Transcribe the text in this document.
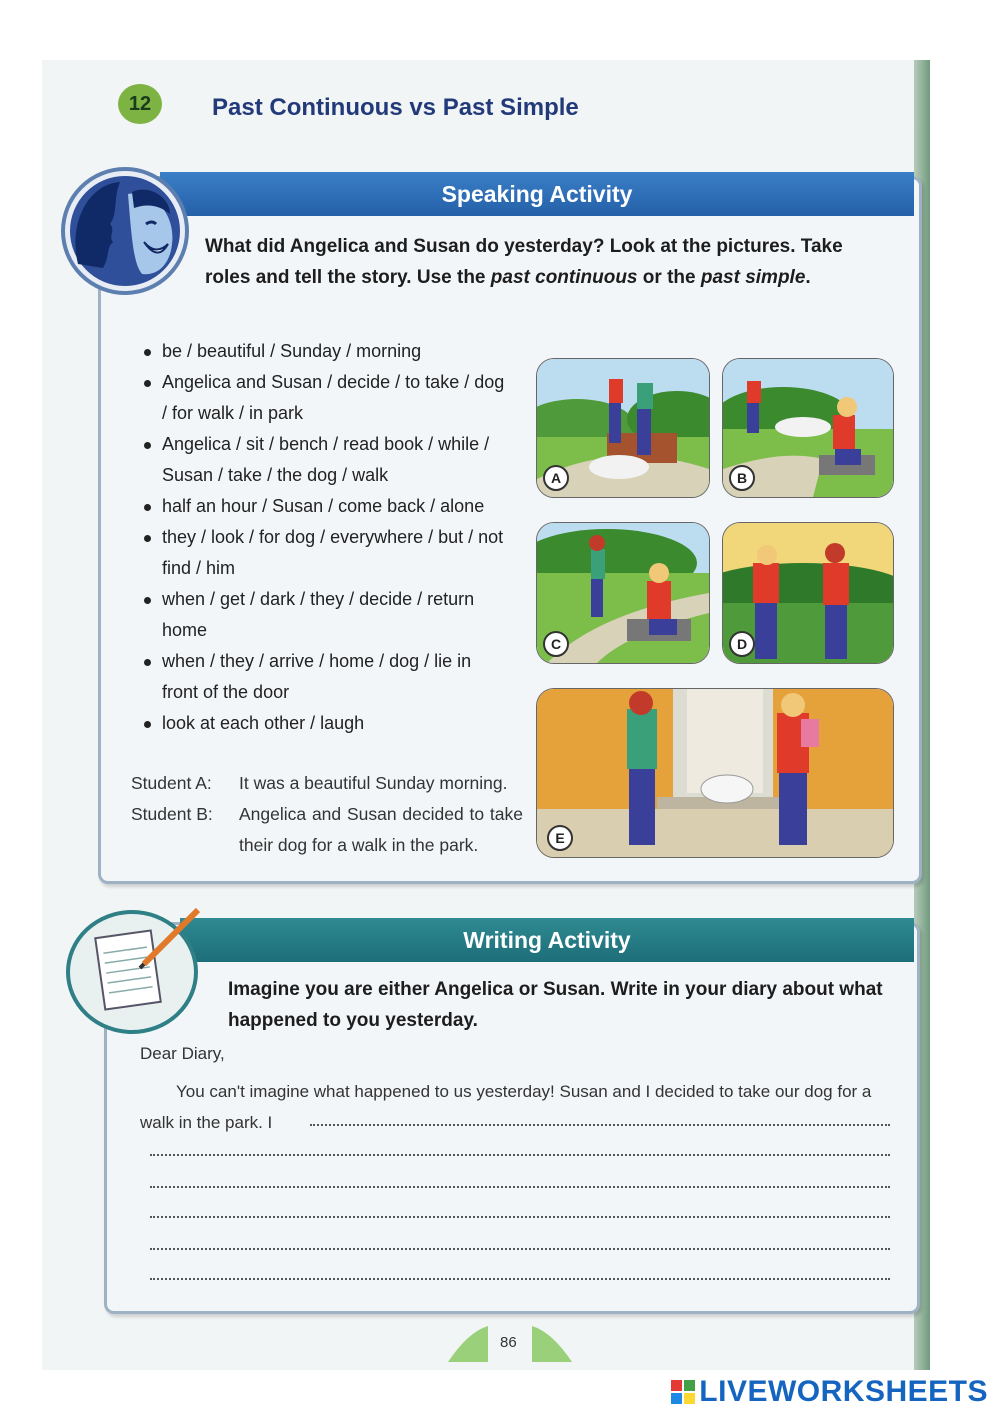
12	Past Continuous vs Past Simple
Speaking Activity
What did Angelica and Susan do yesterday? Look at the pictures. Take roles and tell the story. Use the past continuous or the past simple.
be / beautiful / Sunday / morning
Angelica and Susan / decide / to take / dog / for walk / in park
Angelica / sit / bench / read book / while / Susan / take / the dog / walk
half an hour / Susan / come back / alone
they / look / for dog / everywhere / but / not find / him
when / get / dark / they / decide / return home
when / they / arrive / home / dog / lie in front of the door
look at each other / laugh
Student A:	It was a beautiful Sunday morning.
Student B:	Angelica and Susan decided to take their dog for a walk in the park.
A	B
C	D
E
Writing Activity
Imagine you are either Angelica or Susan. Write in your diary about what happened to you yesterday.
Dear Diary,
You can't imagine what happened to us yesterday! Susan and I decided to take our dog for a walk in the park. I
86
LIVEWORKSHEETS
